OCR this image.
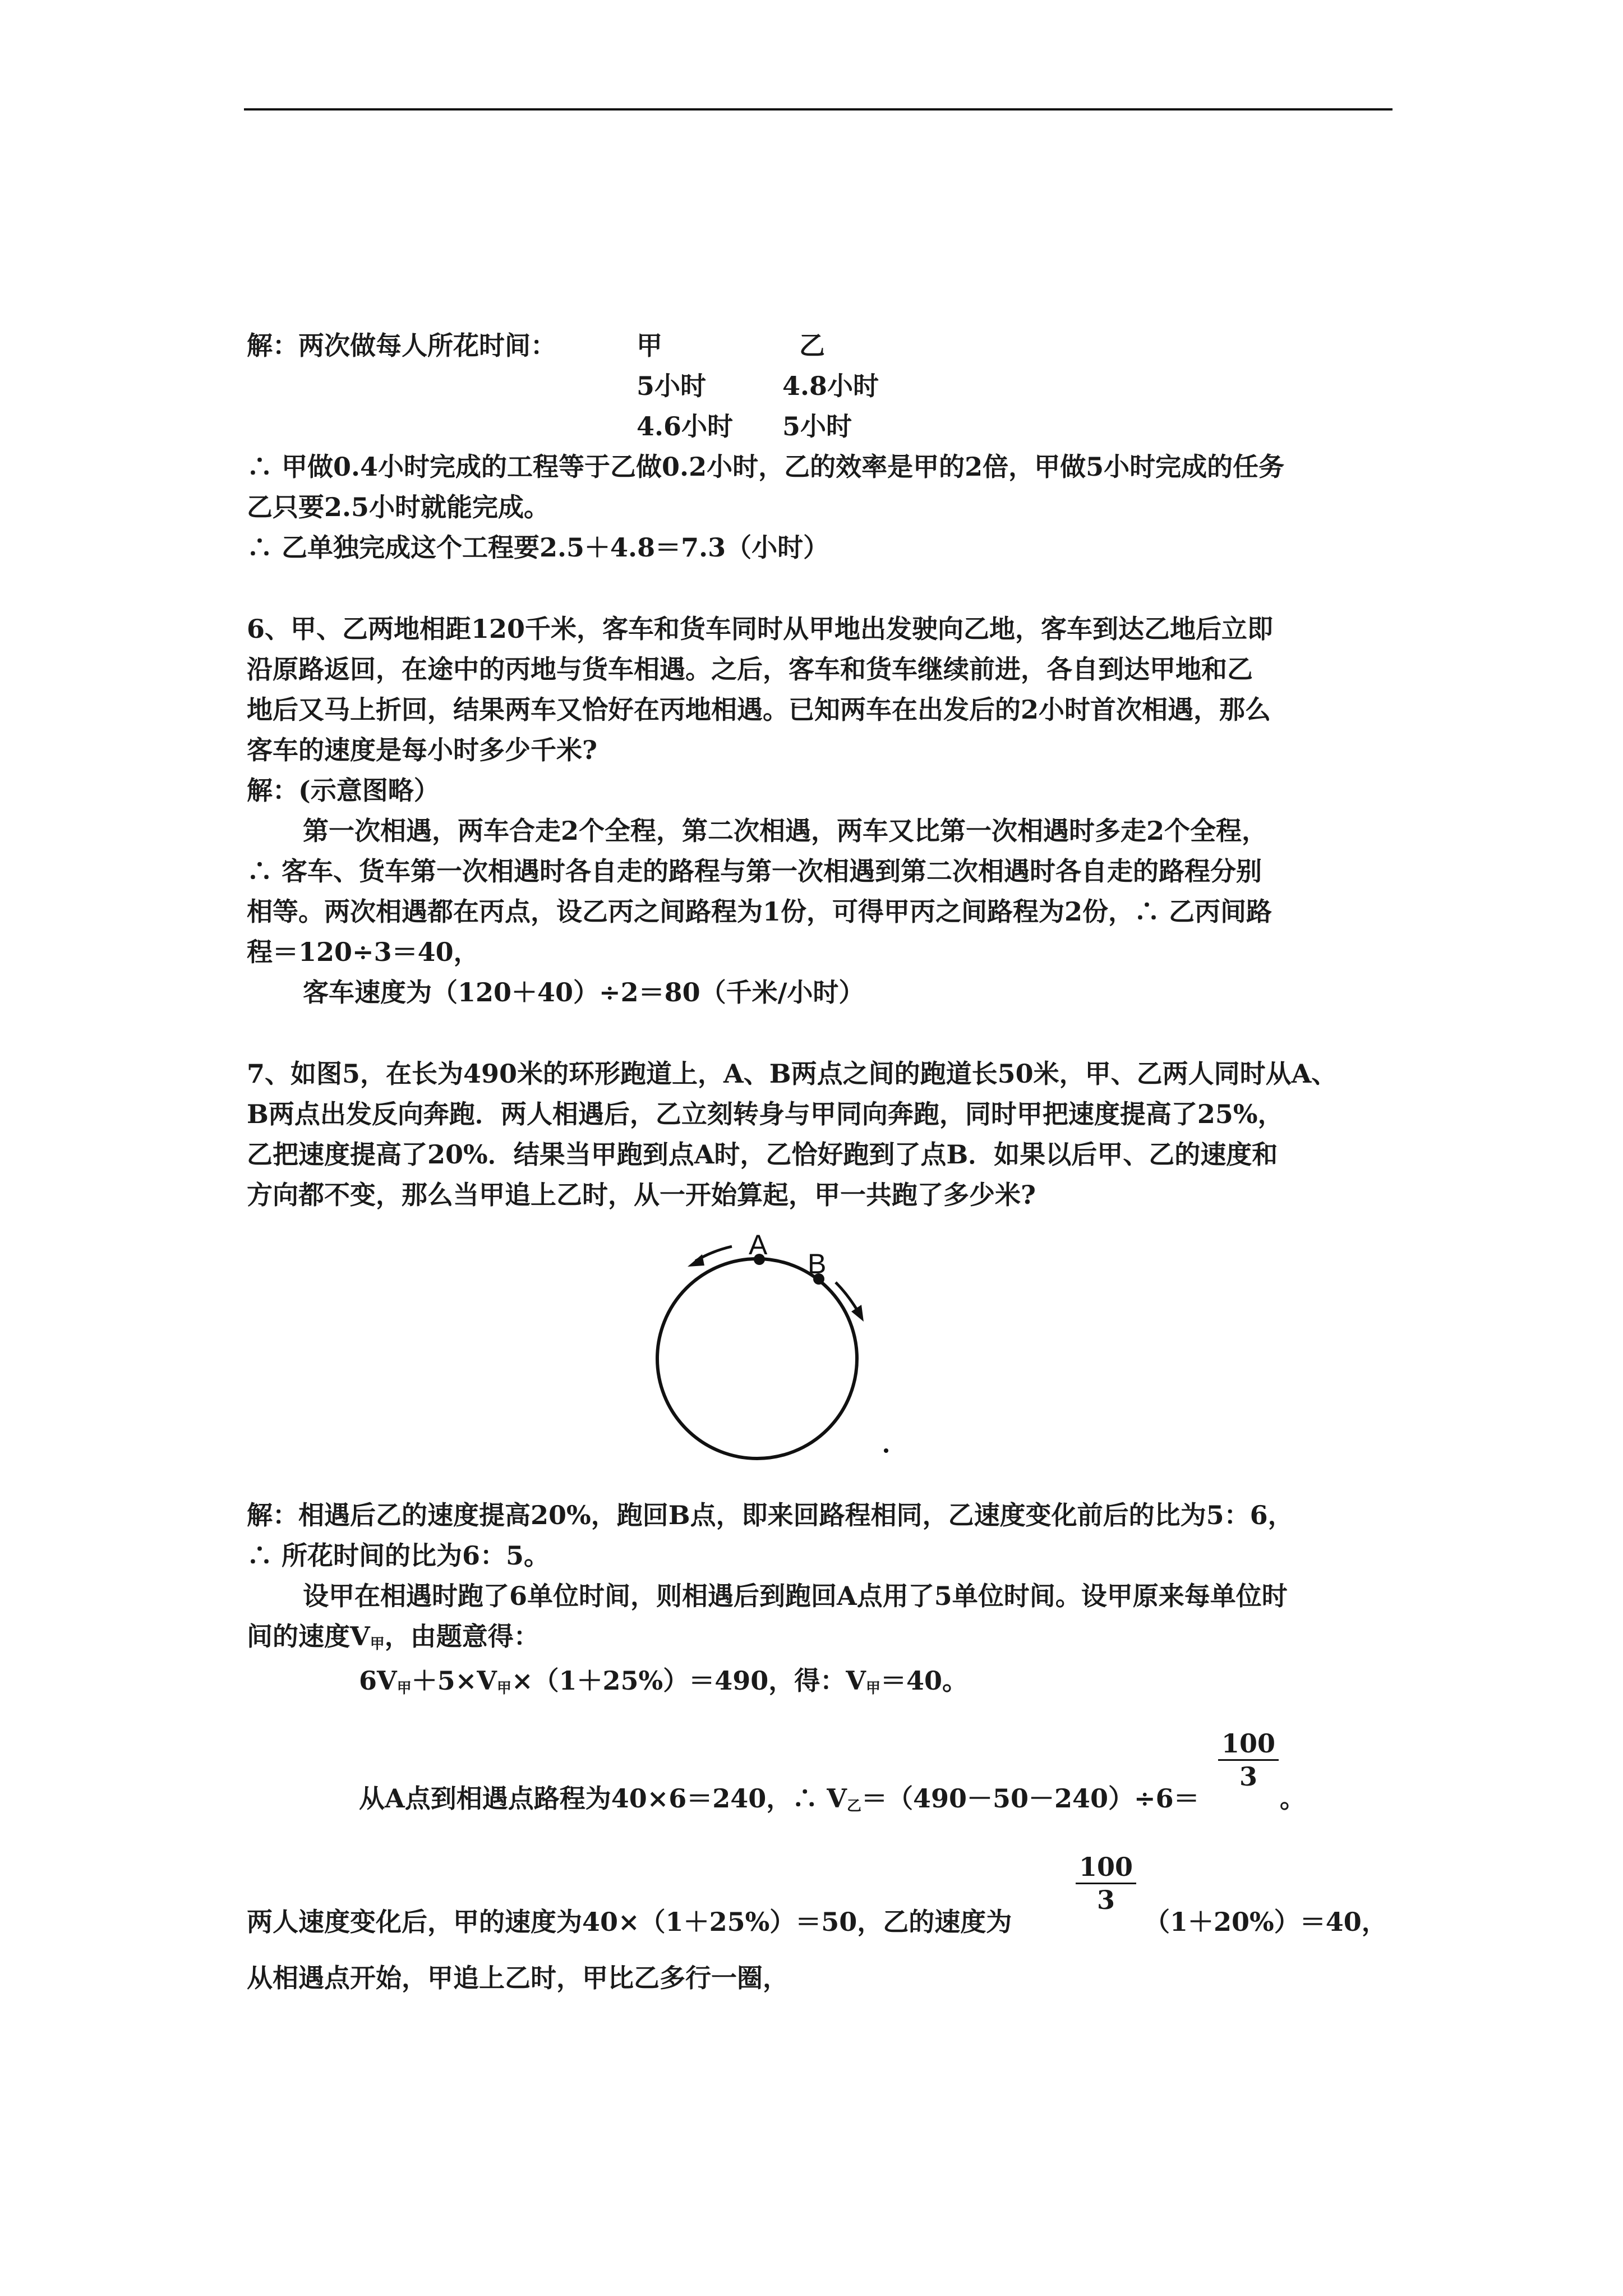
解：两次做每人所花时间：	甲	乙
5小时	4.8小时
4.6小时 5小时
∴ 甲做0.4小时完成的工程等于乙做0.2小时，乙的效率是甲的2倍，甲做5小时完成的任务
乙只要2.5小时就能完成。
∴ 乙单独完成这个工程要2.5＋4.8＝7.3（小时）
6、甲、乙两地相距120千米，客车和货车同时从甲地出发驶向乙地，客车到达乙地后立即
沿原路返回，在途中的丙地与货车相遇。之后，客车和货车继续前进，各自到达甲地和乙
地后又马上折回，结果两车又恰好在丙地相遇。已知两车在出发后的2小时首次相遇，那么
客车的速度是每小时多少千米?
解：(示意图略）
第一次相遇，两车合走2个全程，第二次相遇，两车又比第一次相遇时多走2个全程，
∴ 客车、货车第一次相遇时各自走的路程与第一次相遇到第二次相遇时各自走的路程分别
相等。两次相遇都在丙点，设乙丙之间路程为1份，可得甲丙之间路程为2份，∴ 乙丙间路
程＝120÷3＝40，
客车速度为（120＋40）÷2＝80（千米/小时）
7、如图5，在长为490米的环形跑道上，A、B两点之间的跑道长50米，甲、乙两人同时从A、
B两点出发反向奔跑．两人相遇后，乙立刻转身与甲同向奔跑，同时甲把速度提高了25%，
乙把速度提高了20%．结果当甲跑到点A时，乙恰好跑到了点B．如果以后甲、乙的速度和
方向都不变，那么当甲追上乙时，从一开始算起，甲一共跑了多少米?
A
B
解：相遇后乙的速度提高20%，跑回B点，即来回路程相同，乙速度变化前后的比为5：6，
∴ 所花时间的比为6：5。
设甲在相遇时跑了6单位时间，则相遇后到跑回A点用了5单位时间。设甲原来每单位时
间的速度$V_甲$，由题意得：
$6V_甲+5\times V_甲\times(1+25\%)=490$，得：$V_甲=40$。
从A点到相遇点路程为40×6＝240，∴ $V_乙=(490-50-240)\div 6=$
$\frac{100}{3}$
。
两人速度变化后，甲的速度为40×（1＋25%）＝50，乙的速度为
$\frac{100}{3}$
（1＋20%）＝40，
从相遇点开始，甲追上乙时，甲比乙多行一圈，
